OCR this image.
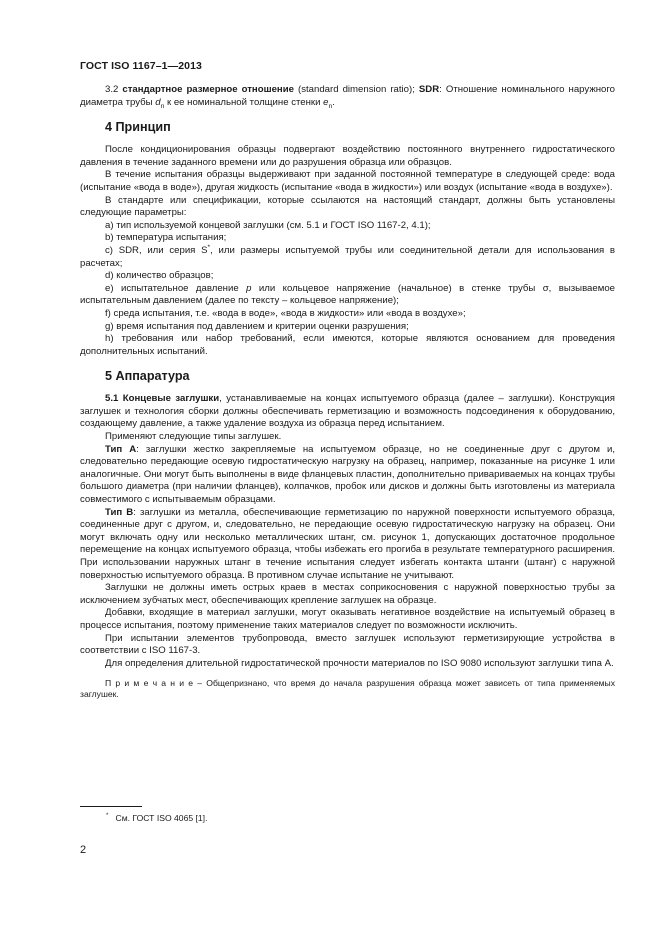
ГОСТ ISO 1167–1—2013

3.2 стандартное размерное отношение (standard dimension ratio); SDR: Отношение номинального наружного диаметра трубы $d_n$ к ее номинальной толщине стенки $e_n$.

4 Принцип

После кондиционирования образцы подвергают воздействию постоянного внутреннего гидростатического давления в течение заданного времени или до разрушения образца или образцов.

В течение испытания образцы выдерживают при заданной постоянной температуре в следующей среде: вода (испытание «вода в воде»), другая жидкость (испытание «вода в жидкости») или воздух (испытание «вода в воздухе»).

В стандарте или спецификации, которые ссылаются на настоящий стандарт, должны быть установлены следующие параметры:

a) тип используемой концевой заглушки (см. 5.1 и ГОСТ ISO 1167-2, 4.1);

b) температура испытания;

c) SDR, или серия S*, или размеры испытуемой трубы или соединительной детали для использования в расчетах;

d) количество образцов;

e) испытательное давление p или кольцевое напряжение (начальное) в стенке трубы σ, вызываемое испытательным давлением (далее по тексту – кольцевое напряжение);

f) среда испытания, т.е. «вода в воде», «вода в жидкости» или «вода в воздухе»;

g) время испытания под давлением и критерии оценки разрушения;

h) требования или набор требований, если имеются, которые являются основанием для проведения дополнительных испытаний.

5 Аппаратура

5.1 Концевые заглушки, устанавливаемые на концах испытуемого образца (далее – заглушки). Конструкция заглушек и технология сборки должны обеспечивать герметизацию и возможность подсоединения к оборудованию, создающему давление, а также удаление воздуха из образца перед испытанием.

Применяют следующие типы заглушек.

Тип А: заглушки жестко закрепляемые на испытуемом образце, но не соединенные друг с другом и, следовательно передающие осевую гидростатическую нагрузку на образец, например, показанные на рисунке 1 или аналогичные. Они могут быть выполнены в виде фланцевых пластин, дополнительно привариваемых на концах трубы большого диаметра (при наличии фланцев), колпачков, пробок или дисков и должны быть изготовлены из материала совместимого с испытываемым образцами.

Тип В: заглушки из металла, обеспечивающие герметизацию по наружной поверхности испытуемого образца, соединенные друг с другом, и, следовательно, не передающие осевую гидростатическую нагрузку на образец. Они могут включать одну или несколько металлических штанг, см. рисунок 1, допускающих достаточное продольное перемещение на концах испытуемого образца, чтобы избежать его прогиба в результате температурного расширения. При использовании наружных штанг в течение испытания следует избегать контакта штанги (штанг) с наружной поверхностью испытуемого образца. В противном случае испытание не учитывают.

Заглушки не должны иметь острых краев в местах соприкосновения с наружной поверхностью трубы за исключением зубчатых мест, обеспечивающих крепление заглушек на образце.

Добавки, входящие в материал заглушки, могут оказывать негативное воздействие на испытуемый образец в процессе испытания, поэтому применение таких материалов следует по возможности исключить.

При испытании элементов трубопровода, вместо заглушек используют герметизирующие устройства в соответствии с ISO 1167-3.

Для определения длительной гидростатической прочности материалов по ISO 9080 используют заглушки типа А.

П р и м е ч а н и е – Общепризнано, что время до начала разрушения образца может зависеть от типа применяемых заглушек.

* См. ГОСТ ISO 4065 [1].
2
